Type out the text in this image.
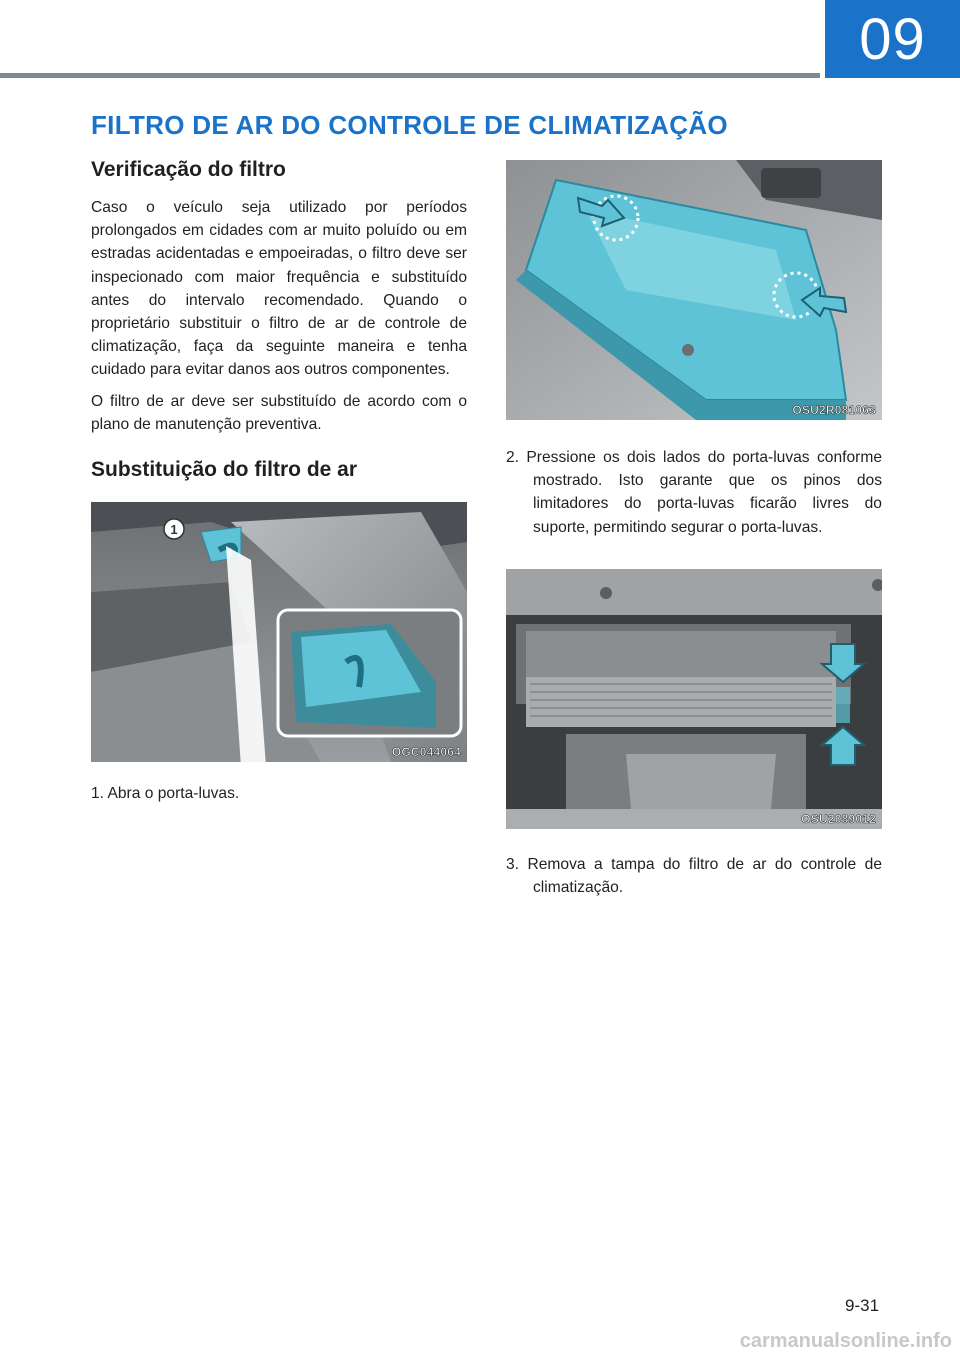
09
FILTRO DE AR DO CONTROLE DE CLIMATIZAÇÃO
Verificação do filtro

Caso o veículo seja utilizado por períodos prolongados em cidades com ar muito poluído ou em estradas acidentadas e empoeiradas, o filtro deve ser inspecionado com maior frequência e substituído antes do intervalo recomendado. Quando o proprietário substituir o filtro de ar de controle de climatização, faça da seguinte maneira e tenha cuidado para evitar danos aos outros componentes.

O filtro de ar deve ser substituído de acordo com o plano de manutenção preventiva.

Substituição do filtro de ar
1
OGC044064
1. Abra o porta-luvas.
OSU2R081063
2. Pressione os dois lados do porta-luvas conforme mostrado. Isto garante que os pinos dos limitadores do porta-luvas ficarão livres do suporte, permitindo segurar o porta-luvas.
OSU2089012
3. Remova a tampa do filtro de ar do controle de climatização.
9-31
carmanualsonline.info
